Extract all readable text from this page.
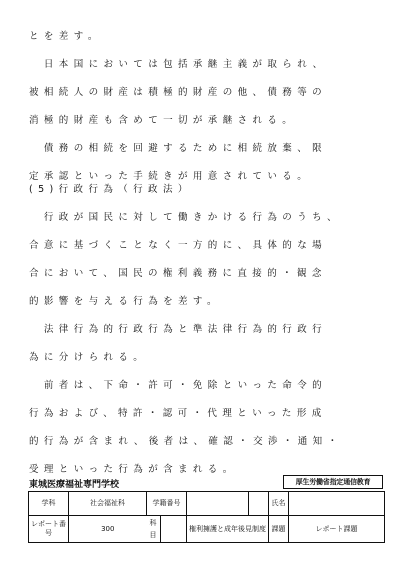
とを差す。
　日本国においては包括承継主義が取られ、
被相続人の財産は積極的財産の他、債務等の
消極的財産も含めて一切が承継される。
　債務の相続を回避するために相続放棄、限
定承認といった手続きが用意されている。
(5)行政行為（行政法）
　行政が国民に対して働きかける行為のうち、
合意に基づくことなく一方的に、具体的な場
合において、国民の権利義務に直接的・観念
的影響を与える行為を差す。
　法律行為的行政行為と準法律行為的行政行
為に分けられる。
　前者は、下命・許可・免除といった命令的
行為および、特許・認可・代理といった形成
的行為が含まれ、後者は、確認・交渉・通知・
受理といった行為が含まれる。
東城医療福祉専門学校	厚生労働省指定通信教育
学科	社会福祉科	学籍番号			氏名	
レポート番号	300	科目	権利擁護と成年後見制度		課題	レポート課題
